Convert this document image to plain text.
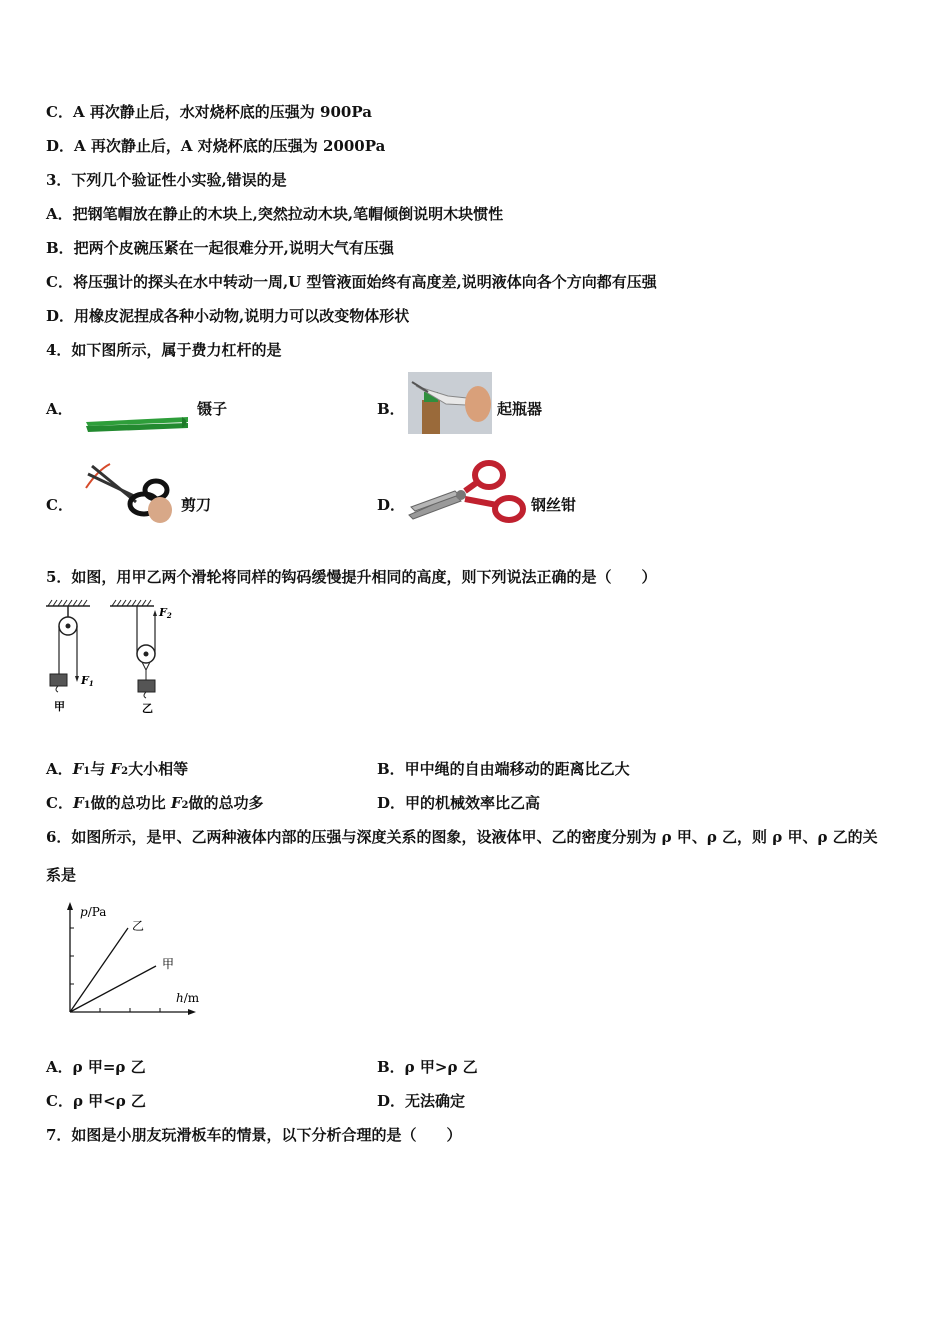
C．A 再次静止后，水对烧杯底的压强为 900Pa
D．A 再次静止后，A 对烧杯底的压强为 2000Pa
3．下列几个验证性小实验,错误的是
A．把钢笔帽放在静止的木块上,突然拉动木块,笔帽倾倒说明木块惯性
B．把两个皮碗压紧在一起很难分开,说明大气有压强
C．将压强计的探头在水中转动一周,U 型管液面始终有高度差,说明液体向各个方向都有压强
D．用橡皮泥捏成各种小动物,说明力可以改变物体形状
4．如下图所示，属于费力杠杆的是
A．	镊子	B．	起瓶器
C．	剪刀	D．	钢丝钳
5．如图，用甲乙两个滑轮将同样的钩码缓慢提升相同的高度，则下列说法正确的是（　　）
F1
甲
F2
乙
A．F1与 F2大小相等	B．甲中绳的自由端移动的距离比乙大
C．F1做的总功比 F2做的总功多	D．甲的机械效率比乙高
6．如图所示，是甲、乙两种液体内部的压强与深度关系的图象，设液体甲、乙的密度分别为 ρ 甲、ρ 乙，则 ρ 甲、ρ 乙的关
系是
p/Pa
h/m
乙
甲
A．ρ 甲=ρ 乙	B．ρ 甲>ρ 乙
C．ρ 甲<ρ 乙	D．无法确定
7．如图是小朋友玩滑板车的情景，以下分析合理的是（　　）
